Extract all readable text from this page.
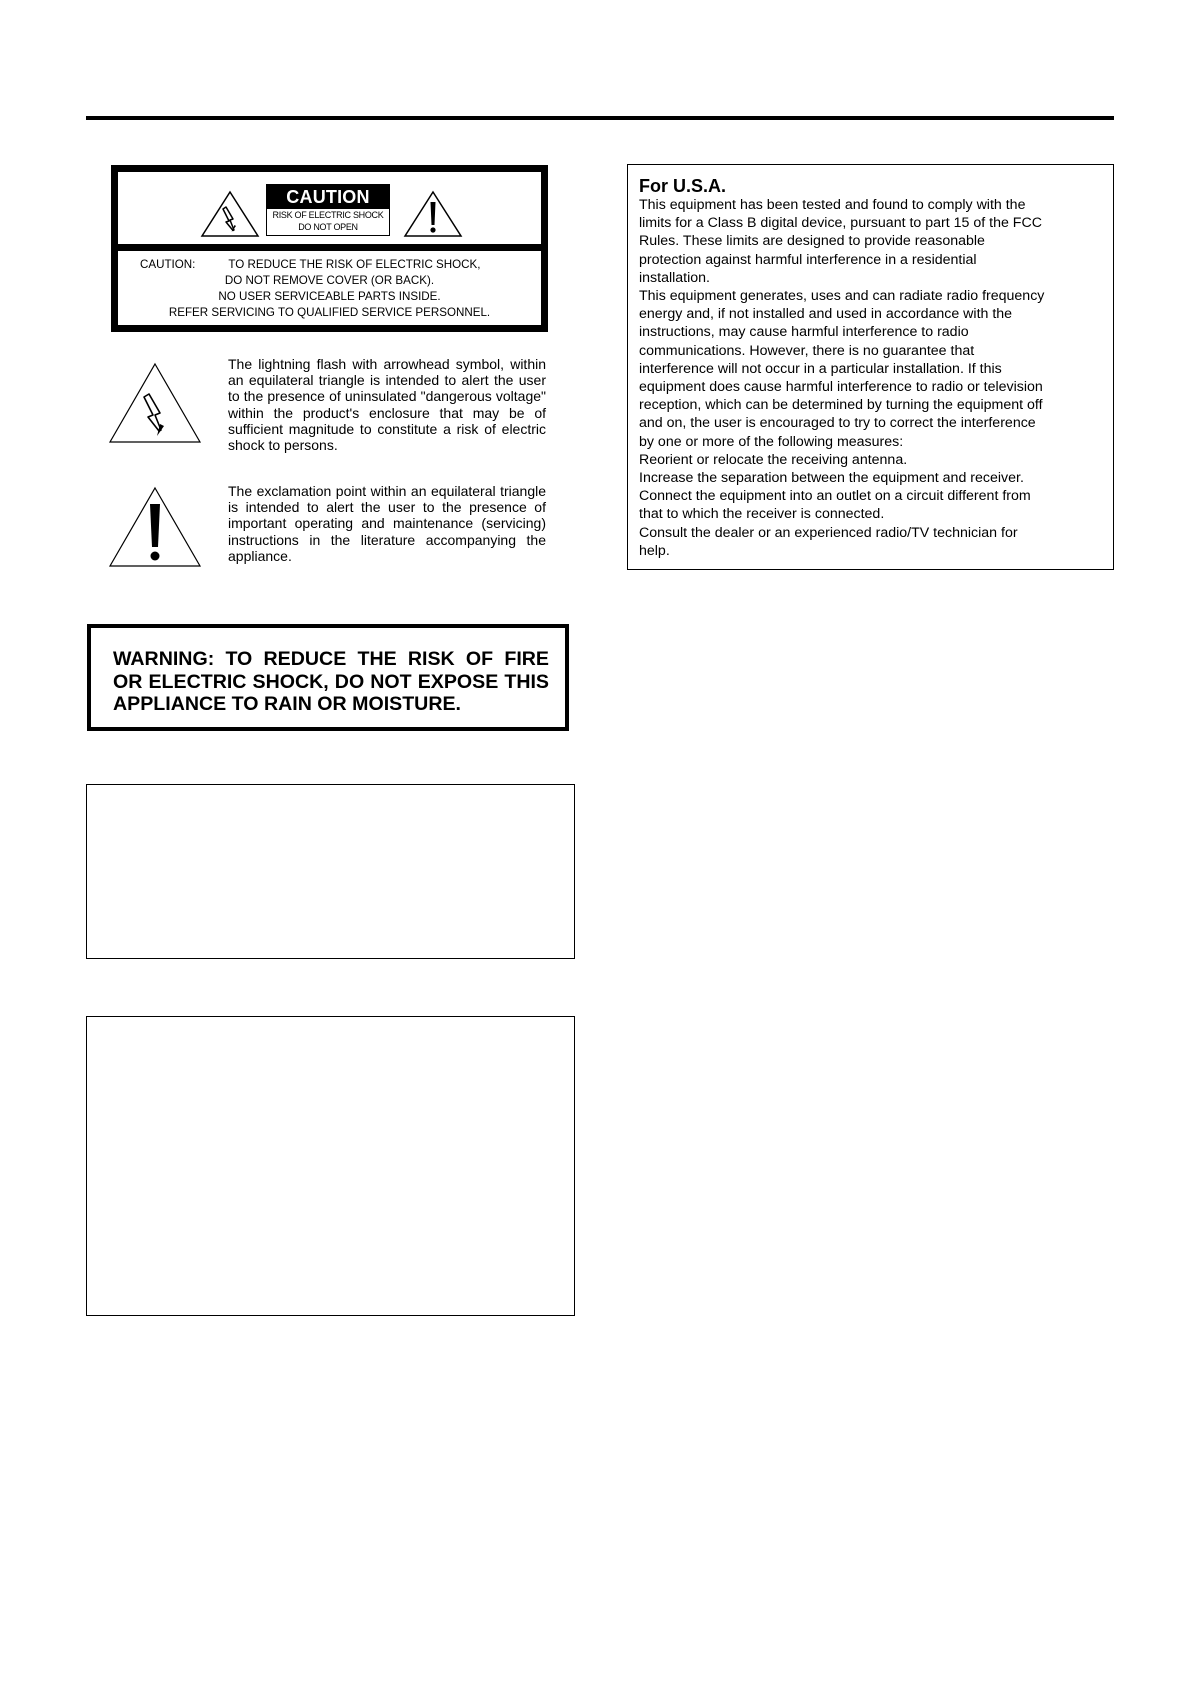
CAUTION
RISK OF ELECTRIC SHOCK
DO NOT OPEN
CAUTION:	TO REDUCE THE RISK OF ELECTRIC SHOCK,
DO NOT REMOVE COVER (OR BACK).
NO USER SERVICEABLE PARTS INSIDE.
REFER SERVICING TO QUALIFIED SERVICE PERSONNEL.
The lightning flash with arrowhead symbol, within an equilateral triangle is intended to alert the user to the presence of uninsulated "dangerous voltage" within the product's enclosure that may be of sufficient magnitude to constitute a risk of electric shock to persons.
The exclamation point within an equilateral triangle is intended to alert the user to the presence of important operating and maintenance (servicing) instructions in the literature accompanying the appliance.
WARNING: TO REDUCE THE RISK OF FIRE OR ELECTRIC SHOCK, DO NOT EXPOSE THIS APPLIANCE TO RAIN OR MOISTURE.
For U.S.A.
This equipment has been tested and found to comply with the
limits for a Class B digital device, pursuant to part 15 of the FCC
Rules. These limits are designed to provide reasonable
protection against harmful interference in a residential
installation.
This equipment generates, uses and can radiate radio frequency
energy and, if not installed and used in accordance with the
instructions, may cause harmful interference to radio
communications. However, there is no guarantee that
interference will not occur in a particular installation. If this
equipment does cause harmful interference to radio or television
reception, which can be determined by turning the equipment off
and on, the user is encouraged to try to correct the interference
by one or more of the following measures:
Reorient or relocate the receiving antenna.
Increase the separation between the equipment and receiver.
Connect the equipment into an outlet on a circuit different from
that to which the receiver is connected.
Consult the dealer or an experienced radio/TV technician for
help.
